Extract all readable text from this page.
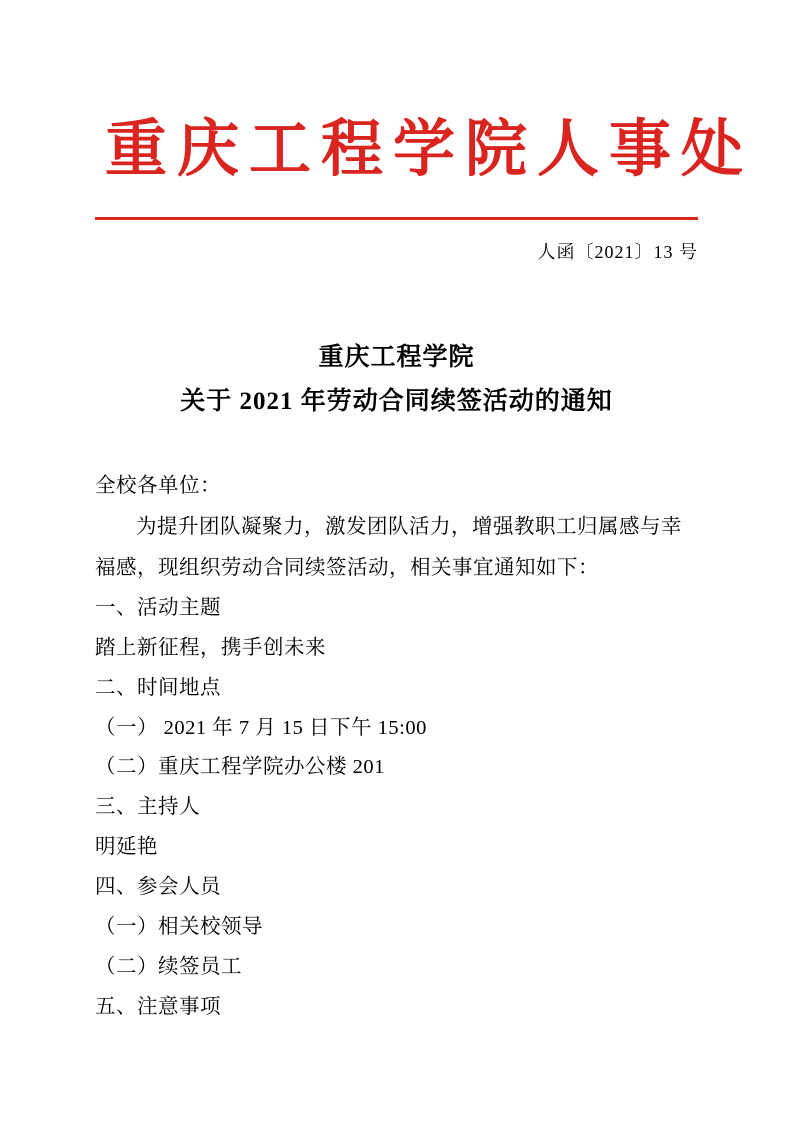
重庆工程学院人事处
人函〔2021〕13 号
重庆工程学院
关于 2021 年劳动合同续签活动的通知

全校各单位：

为提升团队凝聚力，激发团队活力，增强教职工归属感与幸福感，现组织劳动合同续签活动，相关事宜通知如下：

一、活动主题

踏上新征程，携手创未来

二、时间地点

（一） 2021 年 7 月 15 日下午 15:00

（二）重庆工程学院办公楼 201

三、主持人

明延艳

四、参会人员

（一）相关校领导

（二）续签员工

五、注意事项
